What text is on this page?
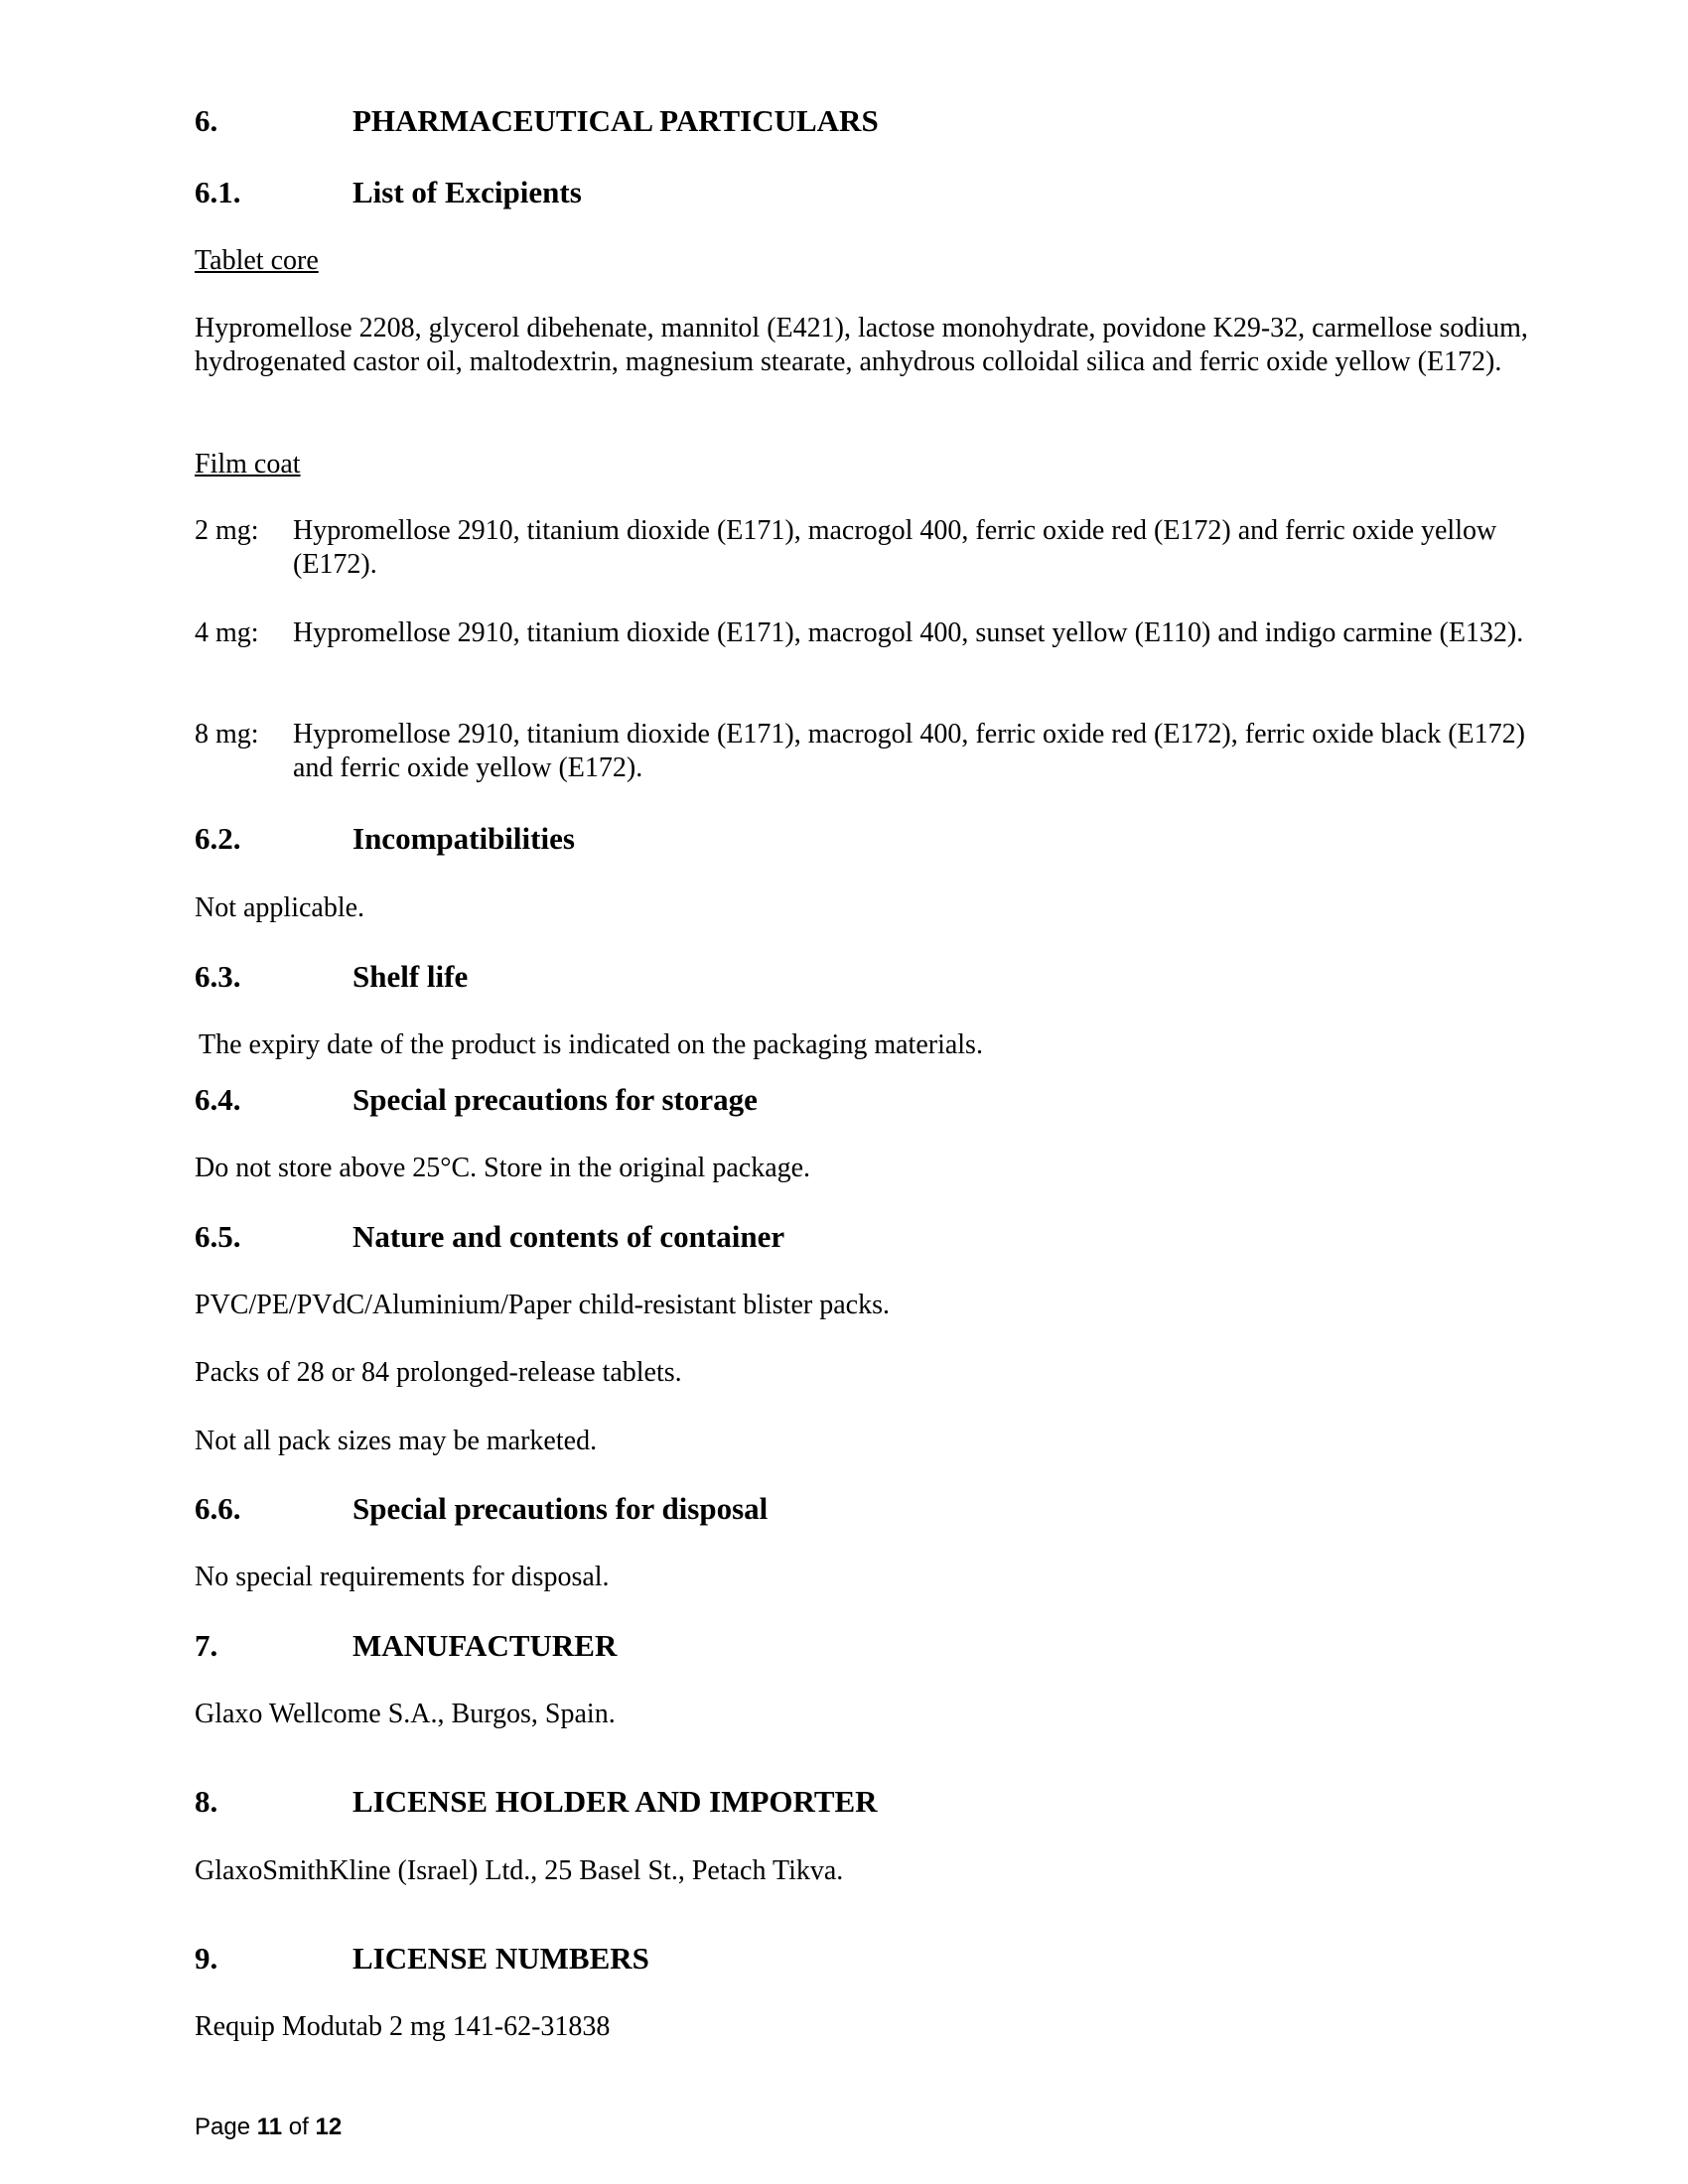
6.	PHARMACEUTICAL PARTICULARS
6.1.	List of Excipients
Tablet core
Hypromellose 2208, glycerol dibehenate, mannitol (E421), lactose monohydrate, povidone K29-32, carmellose sodium, hydrogenated castor oil, maltodextrin, magnesium stearate, anhydrous colloidal silica and ferric oxide yellow (E172).
Film coat
2 mg: Hypromellose 2910, titanium dioxide (E171), macrogol 400, ferric oxide red (E172) and ferric oxide yellow (E172).
4 mg: Hypromellose 2910, titanium dioxide (E171), macrogol 400, sunset yellow (E110) and indigo carmine (E132).
8 mg: Hypromellose 2910, titanium dioxide (E171), macrogol 400, ferric oxide red (E172), ferric oxide black (E172) and ferric oxide yellow (E172).
6.2.	Incompatibilities
Not applicable.
6.3.	Shelf life
The expiry date of the product is indicated on the packaging materials.
6.4.	Special precautions for storage
Do not store above 25°C. Store in the original package.
6.5.	Nature and contents of container
PVC/PE/PVdC/Aluminium/Paper child-resistant blister packs.
Packs of 28 or 84 prolonged-release tablets.
Not all pack sizes may be marketed.
6.6.	Special precautions for disposal
No special requirements for disposal.
7.	MANUFACTURER
Glaxo Wellcome S.A., Burgos, Spain.
8.	LICENSE HOLDER AND IMPORTER
GlaxoSmithKline (Israel) Ltd., 25 Basel St., Petach Tikva.
9.	LICENSE NUMBERS
Requip Modutab 2 mg 141-62-31838
Page 11 of 12
